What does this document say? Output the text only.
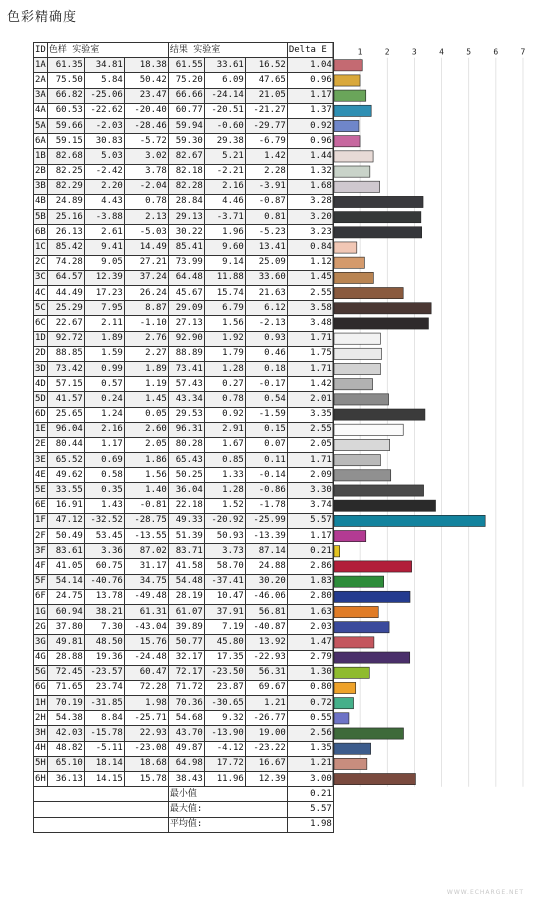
色彩精确度
ID	色样 实验室			结果 实验室			Delta E
1A	61.35	34.81	18.38	61.55	33.61	16.52	1.04
2A	75.50	5.84	50.42	75.20	6.09	47.65	0.96
3A	66.82	-25.06	23.47	66.66	-24.14	21.05	1.17
4A	60.53	-22.62	-20.40	60.77	-20.51	-21.27	1.37
5A	59.66	-2.03	-28.46	59.94	-0.60	-29.77	0.92
6A	59.15	30.83	-5.72	59.30	29.38	-6.79	0.96
1B	82.68	5.03	3.02	82.67	5.21	1.42	1.44
2B	82.25	-2.42	3.78	82.18	-2.21	2.28	1.32
3B	82.29	2.20	-2.04	82.28	2.16	-3.91	1.68
4B	24.89	4.43	0.78	28.84	4.46	-0.87	3.28
5B	25.16	-3.88	2.13	29.13	-3.71	0.81	3.20
6B	26.13	2.61	-5.03	30.22	1.96	-5.23	3.23
1C	85.42	9.41	14.49	85.41	9.60	13.41	0.84
2C	74.28	9.05	27.21	73.99	9.14	25.09	1.12
3C	64.57	12.39	37.24	64.48	11.88	33.60	1.45
4C	44.49	17.23	26.24	45.67	15.74	21.63	2.55
5C	25.29	7.95	8.87	29.09	6.79	6.12	3.58
6C	22.67	2.11	-1.10	27.13	1.56	-2.13	3.48
1D	92.72	1.89	2.76	92.90	1.92	0.93	1.71
2D	88.85	1.59	2.27	88.89	1.79	0.46	1.75
3D	73.42	0.99	1.89	73.41	1.28	0.18	1.71
4D	57.15	0.57	1.19	57.43	0.27	-0.17	1.42
5D	41.57	0.24	1.45	43.34	0.78	0.54	2.01
6D	25.65	1.24	0.05	29.53	0.92	-1.59	3.35
1E	96.04	2.16	2.60	96.31	2.91	0.15	2.55
2E	80.44	1.17	2.05	80.28	1.67	0.07	2.05
3E	65.52	0.69	1.86	65.43	0.85	0.11	1.71
4E	49.62	0.58	1.56	50.25	1.33	-0.14	2.09
5E	33.55	0.35	1.40	36.04	1.28	-0.86	3.30
6E	16.91	1.43	-0.81	22.18	1.52	-1.78	3.74
1F	47.12	-32.52	-28.75	49.33	-20.92	-25.99	5.57
2F	50.49	53.45	-13.55	51.39	50.93	-13.39	1.17
3F	83.61	3.36	87.02	83.71	3.73	87.14	0.21
4F	41.05	60.75	31.17	41.58	58.70	24.88	2.86
5F	54.14	-40.76	34.75	54.48	-37.41	30.20	1.83
6F	24.75	13.78	-49.48	28.19	10.47	-46.06	2.80
1G	60.94	38.21	61.31	61.07	37.91	56.81	1.63
2G	37.80	7.30	-43.04	39.89	7.19	-40.87	2.03
3G	49.81	48.50	15.76	50.77	45.80	13.92	1.47
4G	28.88	19.36	-24.48	32.17	17.35	-22.93	2.79
5G	72.45	-23.57	60.47	72.17	-23.50	56.31	1.30
6G	71.65	23.74	72.28	71.72	23.87	69.67	0.80
1H	70.19	-31.85	1.98	70.36	-30.65	1.21	0.72
2H	54.38	8.84	-25.71	54.68	9.32	-26.77	0.55
3H	42.03	-15.78	22.93	43.70	-13.90	19.00	2.56
4H	48.82	-5.11	-23.08	49.87	-4.12	-23.22	1.35
5H	65.10	18.14	18.68	64.98	17.72	16.67	1.21
6H	36.13	14.15	15.78	38.43	11.96	12.39	3.00
				最小值			0.21
				最大值:			5.57
				平均值:			1.98
1	2	3	4	5	6	7
WWW.ECHARGE.NET
